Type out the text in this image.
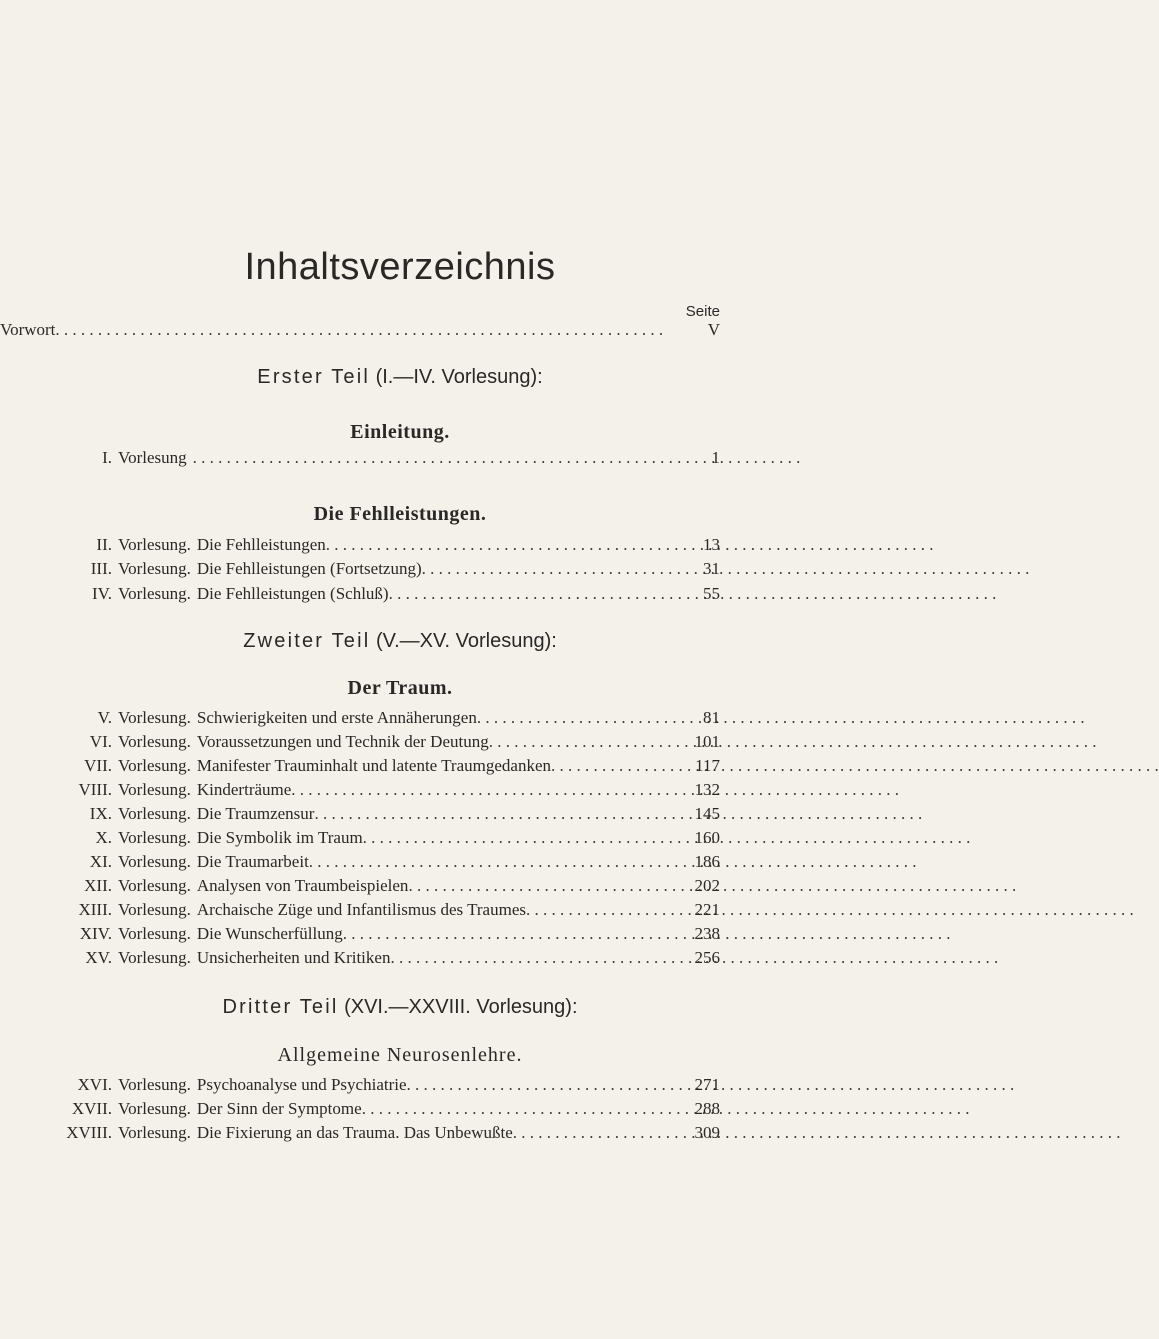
Inhaltsverzeichnis
Seite
Vorwort . . .	V
Erster Teil (I.—IV. Vorlesung):
Einleitung.
I. Vorlesung . . .	1
Die Fehlleistungen.
II. Vorlesung. Die Fehlleistungen . . .	13
III. Vorlesung. Die Fehlleistungen (Fortsetzung) . . .	31
IV. Vorlesung. Die Fehlleistungen (Schluß) . . .	55
Zweiter Teil (V.—XV. Vorlesung):
Der Traum.
V. Vorlesung. Schwierigkeiten und erste Annäherungen . . .	81
VI. Vorlesung. Voraussetzungen und Technik der Deutung . . .	101
VII. Vorlesung. Manifester Trauminhalt und latente Traumgedanken . . .	117
VIII. Vorlesung. Kinderträume . . .	132
IX. Vorlesung. Die Traumzensur . . .	145
X. Vorlesung. Die Symbolik im Traum . . .	160
XI. Vorlesung. Die Traumarbeit . . .	186
XII. Vorlesung. Analysen von Traumbeispielen . . .	202
XIII. Vorlesung. Archaische Züge und Infantilismus des Traumes . . .	221
XIV. Vorlesung. Die Wunscherfüllung . . .	238
XV. Vorlesung. Unsicherheiten und Kritiken . . .	256
Dritter Teil (XVI.—XXVIII. Vorlesung):
Allgemeine Neurosenlehre.
XVI. Vorlesung. Psychoanalyse und Psychiatrie . . .	271
XVII. Vorlesung. Der Sinn der Symptome . . .	288
XVIII. Vorlesung. Die Fixierung an das Trauma. Das Unbewußte . . .	309
